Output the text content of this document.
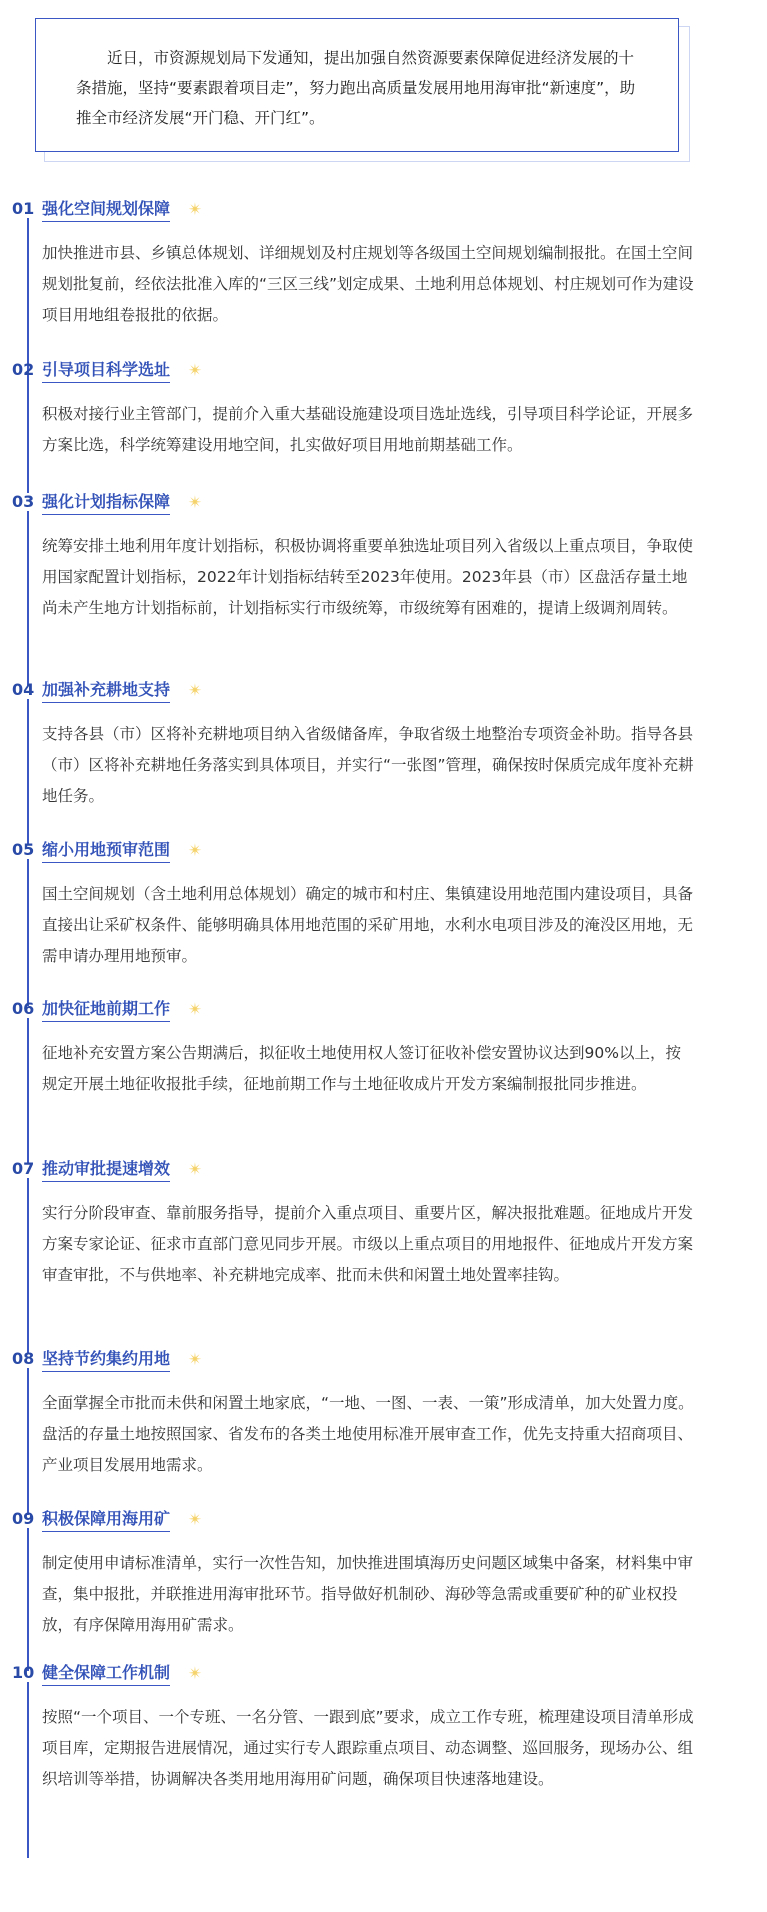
近日，市资源规划局下发通知，提出加强自然资源要素保障促进经济发展的十条措施，坚持“要素跟着项目走”，努力跑出高质量发展用地用海审批“新速度”，助推全市经济发展“开门稳、开门红”。

01 强化空间规划保障 ✴

加快推进市县、乡镇总体规划、详细规划及村庄规划等各级国土空间规划编制报批。在国土空间规划批复前，经依法批准入库的“三区三线”划定成果、土地利用总体规划、村庄规划可作为建设项目用地组卷报批的依据。

02 引导项目科学选址 ✴

积极对接行业主管部门，提前介入重大基础设施建设项目选址选线，引导项目科学论证，开展多方案比选，科学统筹建设用地空间，扎实做好项目用地前期基础工作。

03 强化计划指标保障 ✴

统筹安排土地利用年度计划指标，积极协调将重要单独选址项目列入省级以上重点项目，争取使用国家配置计划指标，2022年计划指标结转至2023年使用。2023年县（市）区盘活存量土地尚未产生地方计划指标前，计划指标实行市级统筹，市级统筹有困难的，提请上级调剂周转。

04 加强补充耕地支持 ✴

支持各县（市）区将补充耕地项目纳入省级储备库，争取省级土地整治专项资金补助。指导各县（市）区将补充耕地任务落实到具体项目，并实行“一张图”管理，确保按时保质完成年度补充耕地任务。

05 缩小用地预审范围 ✴

国土空间规划（含土地利用总体规划）确定的城市和村庄、集镇建设用地范围内建设项目，具备直接出让采矿权条件、能够明确具体用地范围的采矿用地，水利水电项目涉及的淹没区用地，无需申请办理用地预审。

06 加快征地前期工作 ✴

征地补充安置方案公告期满后，拟征收土地使用权人签订征收补偿安置协议达到90%以上，按规定开展土地征收报批手续，征地前期工作与土地征收成片开发方案编制报批同步推进。

07 推动审批提速增效 ✴

实行分阶段审查、靠前服务指导，提前介入重点项目、重要片区，解决报批难题。征地成片开发方案专家论证、征求市直部门意见同步开展。市级以上重点项目的用地报件、征地成片开发方案审查审批，不与供地率、补充耕地完成率、批而未供和闲置土地处置率挂钩。

08 坚持节约集约用地 ✴

全面掌握全市批而未供和闲置土地家底，“一地、一图、一表、一策”形成清单，加大处置力度。盘活的存量土地按照国家、省发布的各类土地使用标准开展审查工作，优先支持重大招商项目、产业项目发展用地需求。

09 积极保障用海用矿 ✴

制定使用申请标准清单，实行一次性告知，加快推进围填海历史问题区域集中备案，材料集中审查，集中报批，并联推进用海审批环节。指导做好机制砂、海砂等急需或重要矿种的矿业权投放，有序保障用海用矿需求。

10 健全保障工作机制 ✴

按照“一个项目、一个专班、一名分管、一跟到底”要求，成立工作专班，梳理建设项目清单形成项目库，定期报告进展情况，通过实行专人跟踪重点项目、动态调整、巡回服务，现场办公、组织培训等举措，协调解决各类用地用海用矿问题，确保项目快速落地建设。
